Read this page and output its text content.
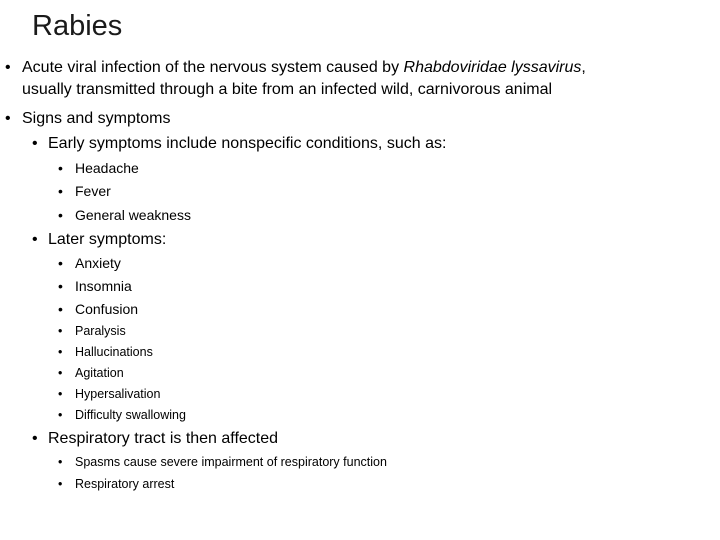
Rabies
• Acute viral infection of the nervous system caused by Rhabdoviridae lyssavirus,
usually transmitted through a bite from an infected wild, carnivorous animal
• Signs and symptoms
• Early symptoms include nonspecific conditions, such as:
• Headache
• Fever
• General weakness
• Later symptoms:
• Anxiety
• Insomnia
• Confusion
• Paralysis
• Hallucinations
• Agitation
• Hypersalivation
• Difficulty swallowing
• Respiratory tract is then affected
• Spasms cause severe impairment of respiratory function
• Respiratory arrest
